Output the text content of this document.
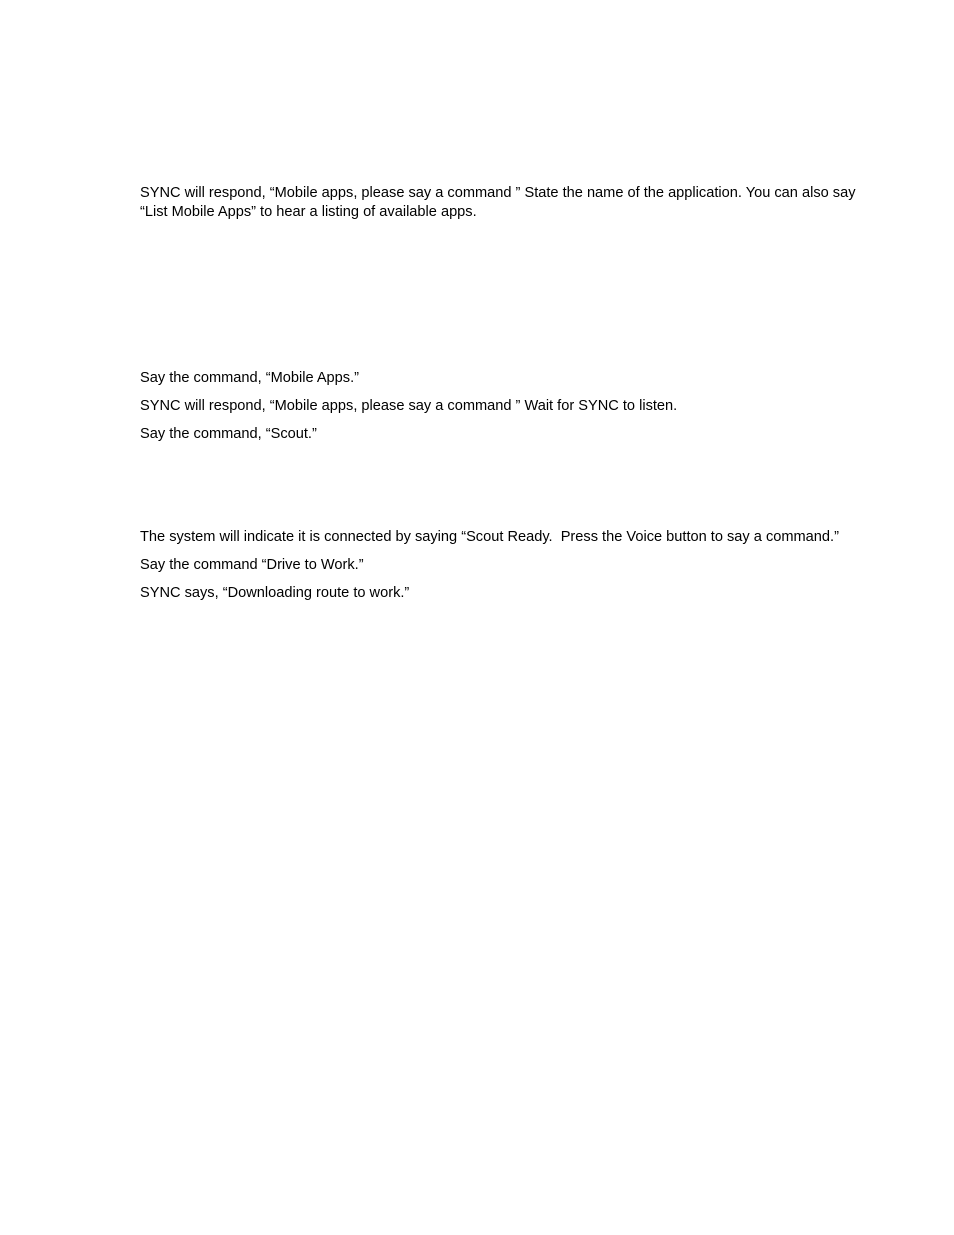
SYNC will respond, “Mobile apps, please say a command ” State the name of the application. You can also say “List Mobile Apps” to hear a listing of available apps.

Say the command, “Mobile Apps.”

SYNC will respond, “Mobile apps, please say a command ” Wait for SYNC to listen.

Say the command, “Scout.”

The system will indicate it is connected by saying “Scout Ready.  Press the Voice button to say a command.”

Say the command “Drive to Work.”

SYNC says, “Downloading route to work.”
